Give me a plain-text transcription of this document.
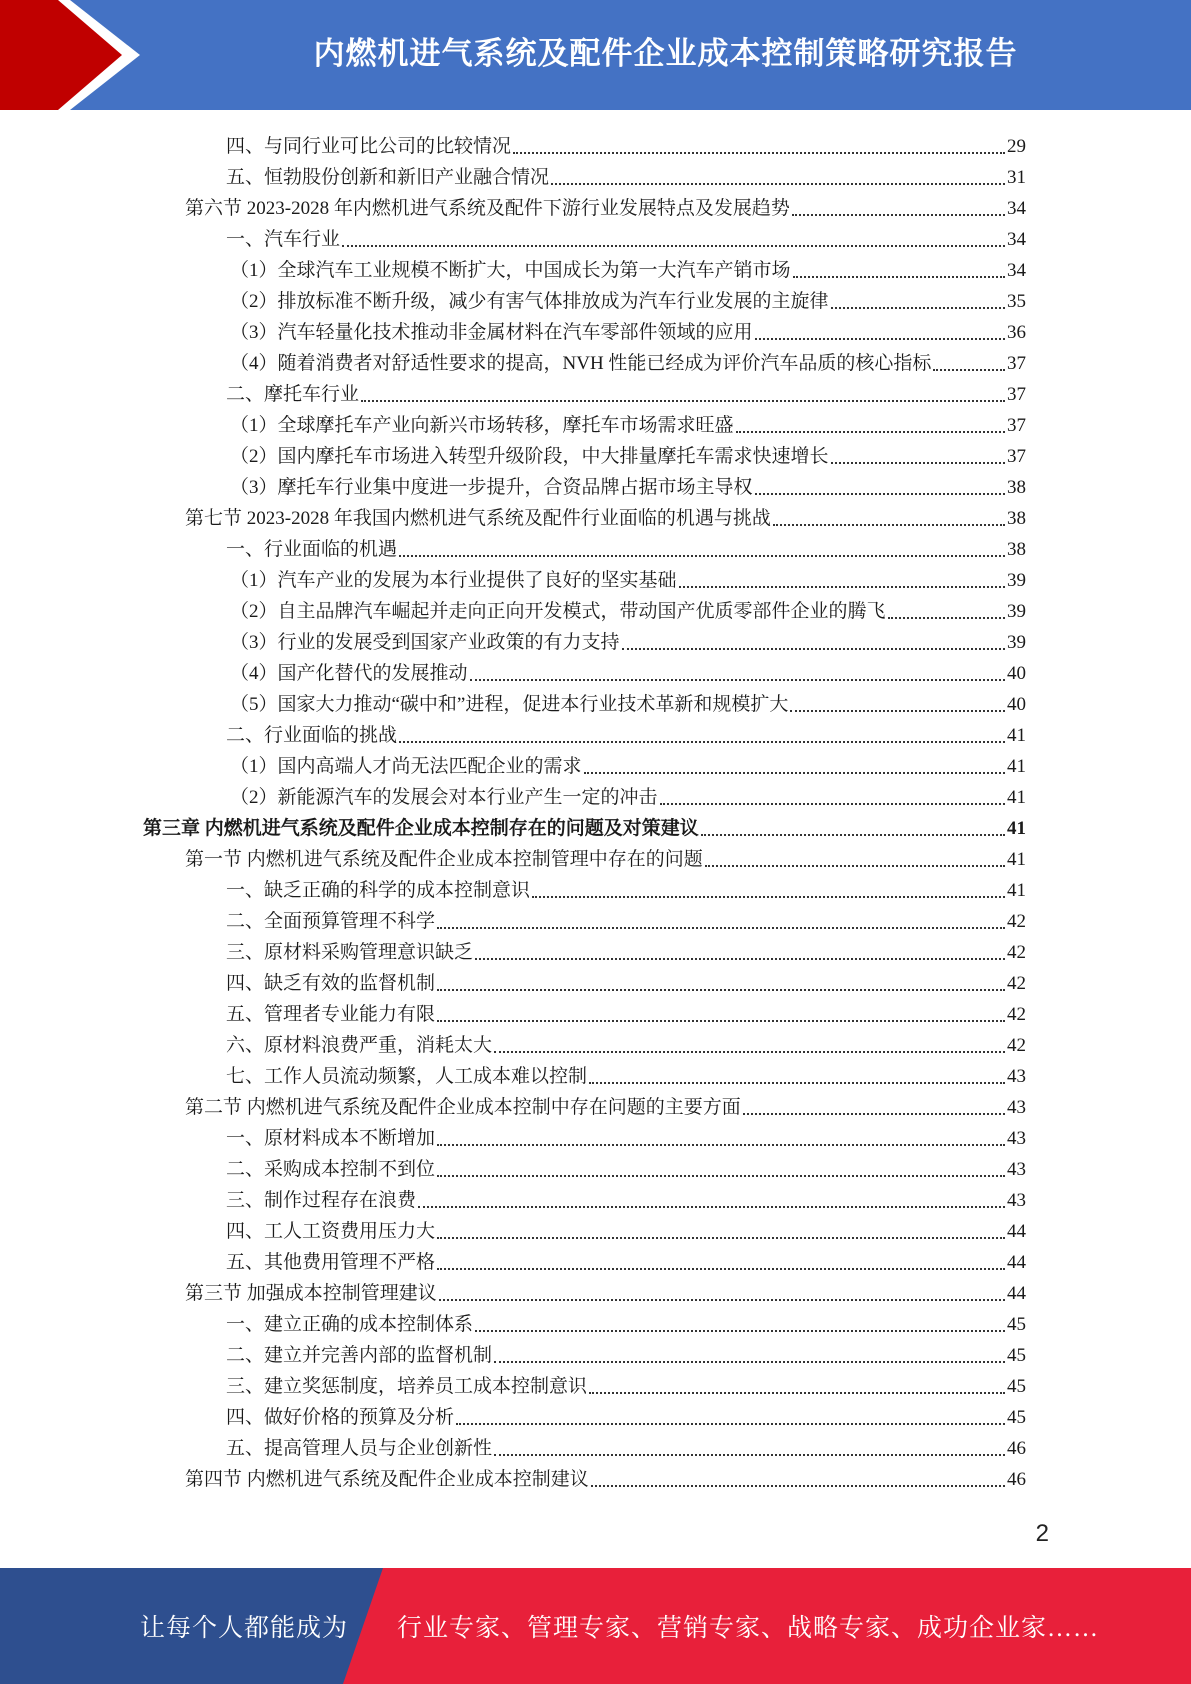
内燃机进气系统及配件企业成本控制策略研究报告
四、与同行业可比公司的比较情况	29
五、恒勃股份创新和新旧产业融合情况	31
第六节 2023-2028 年内燃机进气系统及配件下游行业发展特点及发展趋势	34
一、汽车行业	34
（1）全球汽车工业规模不断扩大，中国成长为第一大汽车产销市场	34
（2）排放标准不断升级，减少有害气体排放成为汽车行业发展的主旋律	35
（3）汽车轻量化技术推动非金属材料在汽车零部件领域的应用	36
（4）随着消费者对舒适性要求的提高，NVH 性能已经成为评价汽车品质的核心指标	37
二、摩托车行业	37
（1）全球摩托车产业向新兴市场转移，摩托车市场需求旺盛	37
（2）国内摩托车市场进入转型升级阶段，中大排量摩托车需求快速增长	37
（3）摩托车行业集中度进一步提升，合资品牌占据市场主导权	38
第七节 2023-2028 年我国内燃机进气系统及配件行业面临的机遇与挑战	38
一、行业面临的机遇	38
（1）汽车产业的发展为本行业提供了良好的坚实基础	39
（2）自主品牌汽车崛起并走向正向开发模式，带动国产优质零部件企业的腾飞	39
（3）行业的发展受到国家产业政策的有力支持	39
（4）国产化替代的发展推动	40
（5）国家大力推动“碳中和”进程，促进本行业技术革新和规模扩大	40
二、行业面临的挑战	41
（1）国内高端人才尚无法匹配企业的需求	41
（2）新能源汽车的发展会对本行业产生一定的冲击	41
第三章 内燃机进气系统及配件企业成本控制存在的问题及对策建议	41
第一节 内燃机进气系统及配件企业成本控制管理中存在的问题	41
一、缺乏正确的科学的成本控制意识	41
二、全面预算管理不科学	42
三、原材料采购管理意识缺乏	42
四、缺乏有效的监督机制	42
五、管理者专业能力有限	42
六、原材料浪费严重，消耗太大	42
七、工作人员流动频繁，人工成本难以控制	43
第二节 内燃机进气系统及配件企业成本控制中存在问题的主要方面	43
一、原材料成本不断增加	43
二、采购成本控制不到位	43
三、制作过程存在浪费	43
四、工人工资费用压力大	44
五、其他费用管理不严格	44
第三节 加强成本控制管理建议	44
一、建立正确的成本控制体系	45
二、建立并完善内部的监督机制	45
三、建立奖惩制度，培养员工成本控制意识	45
四、做好价格的预算及分析	45
五、提高管理人员与企业创新性	46
第四节 内燃机进气系统及配件企业成本控制建议	46
2
让每个人都能成为 行业专家、管理专家、营销专家、战略专家、成功企业家……
